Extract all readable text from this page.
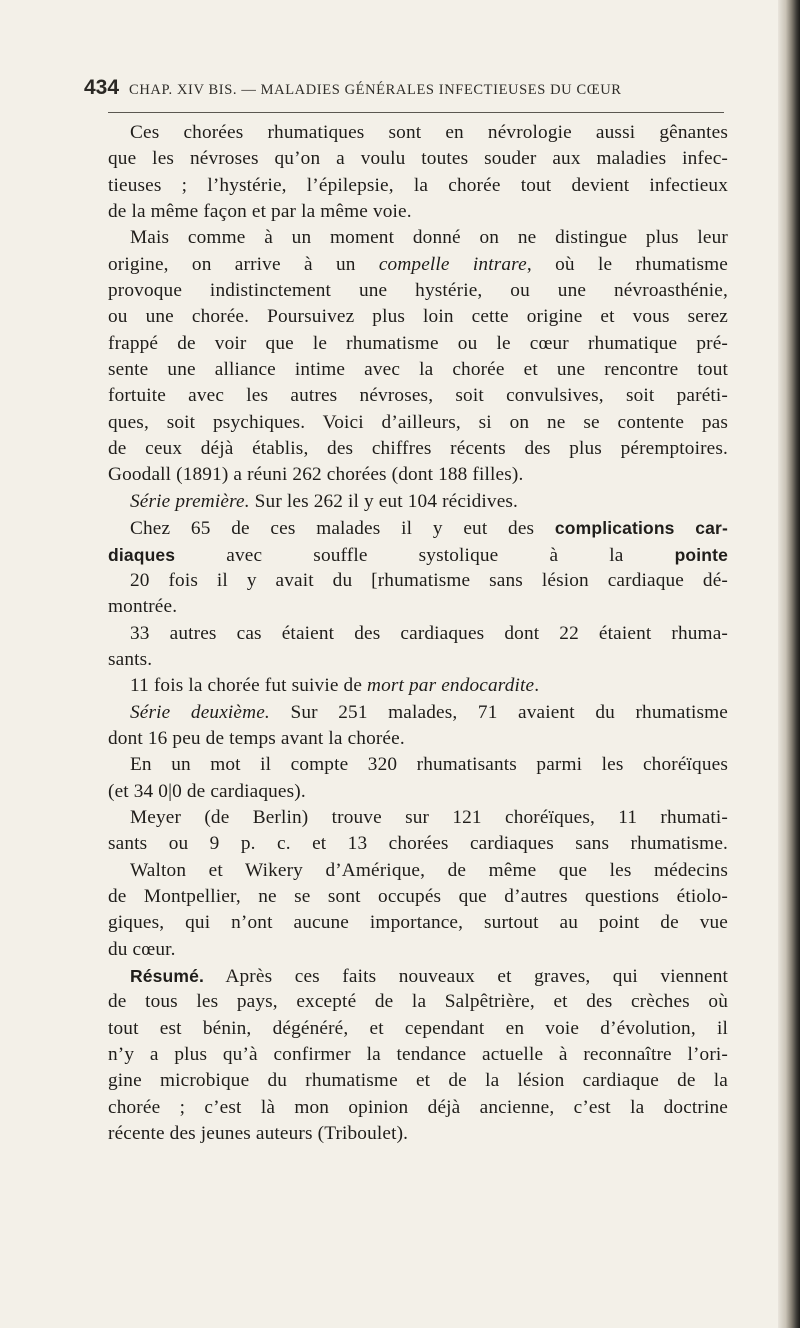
434 CHAP. XIV BIS. — MALADIES GÉNÉRALES INFECTIEUSES DU CŒUR
Ces chorées rhumatiques sont en névrologie aussi gênantes
que les névroses qu’on a voulu toutes souder aux maladies infec-
tieuses ; l’hystérie, l’épilepsie, la chorée tout devient infectieux
de la même façon et par la même voie.
Mais comme à un moment donné on ne distingue plus leur
origine, on arrive à un compelle intrare, où le rhumatisme
provoque indistinctement une hystérie, ou une névroasthénie,
ou une chorée. Poursuivez plus loin cette origine et vous serez
frappé de voir que le rhumatisme ou le cœur rhumatique pré-
sente une alliance intime avec la chorée et une rencontre tout
fortuite avec les autres névroses, soit convulsives, soit paréti-
ques, soit psychiques. Voici d’ailleurs, si on ne se contente pas
de ceux déjà établis, des chiffres récents des plus péremptoires.
Goodall (1891) a réuni 262 chorées (dont 188 filles).
Série première. Sur les 262 il y eut 104 récidives.
Chez 65 de ces malades il y eut des complications car-
diaques avec souffle systolique à la pointe
20 fois il y avait du [rhumatisme sans lésion cardiaque dé-
montrée.
33 autres cas étaient des cardiaques dont 22 étaient rhuma-
sants.
11 fois la chorée fut suivie de mort par endocardite.
Série deuxième. Sur 251 malades, 71 avaient du rhumatisme
dont 16 peu de temps avant la chorée.
En un mot il compte 320 rhumatisants parmi les choréïques
(et 34 0|0 de cardiaques).
Meyer (de Berlin) trouve sur 121 choréïques, 11 rhumati-
sants ou 9 p. c. et 13 chorées cardiaques sans rhumatisme.
Walton et Wikery d’Amérique, de même que les médecins
de Montpellier, ne se sont occupés que d’autres questions étiolo-
giques, qui n’ont aucune importance, surtout au point de vue
du cœur.
Résumé. Après ces faits nouveaux et graves, qui viennent
de tous les pays, excepté de la Salpêtrière, et des crèches où
tout est bénin, dégénéré, et cependant en voie d’évolution, il
n’y a plus qu’à confirmer la tendance actuelle à reconnaître l’ori-
gine microbique du rhumatisme et de la lésion cardiaque de la
chorée ; c’est là mon opinion déjà ancienne, c’est la doctrine
récente des jeunes auteurs (Triboulet).
